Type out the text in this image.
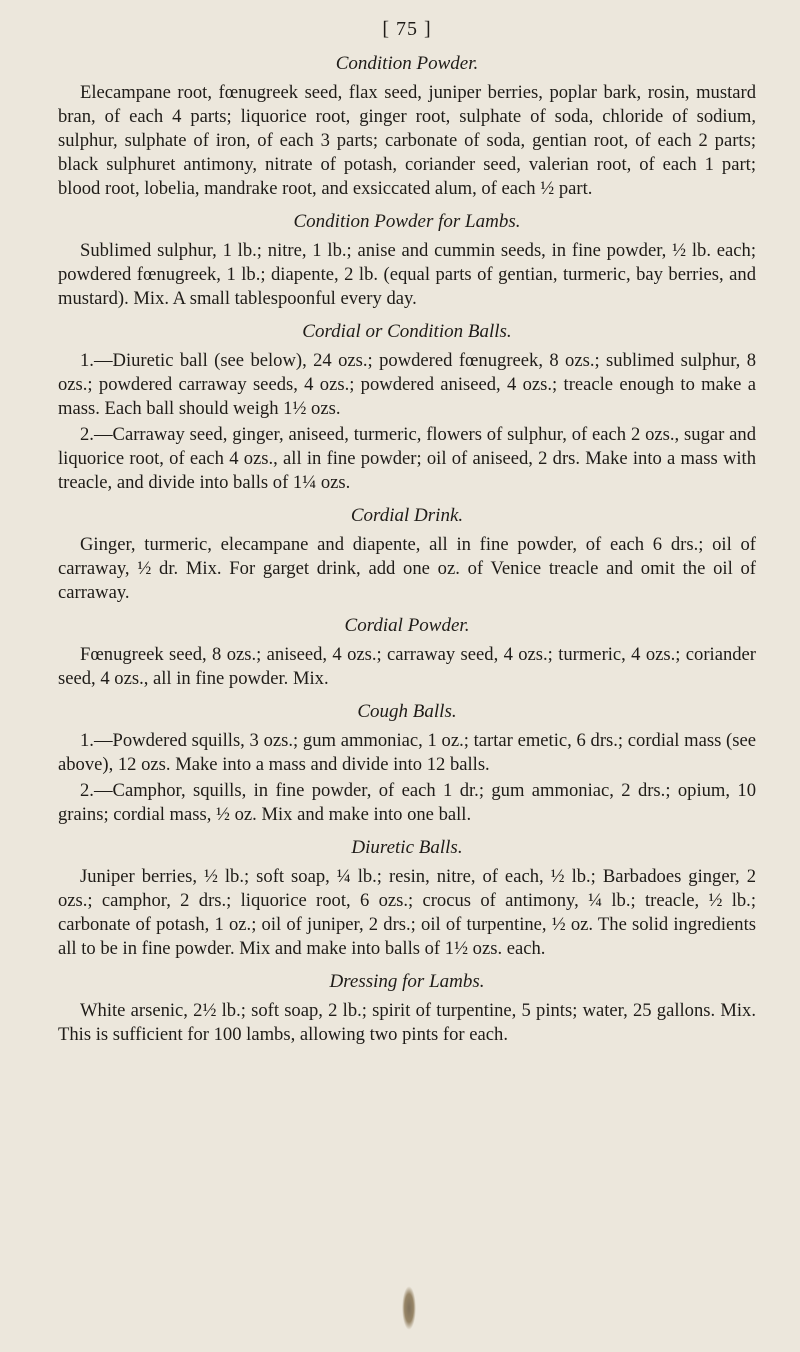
[ 75 ]
Condition Powder.

Elecampane root, fœnugreek seed, flax seed, juniper berries, poplar bark, rosin, mustard bran, of each 4 parts; liquorice root, ginger root, sulphate of soda, chloride of sodium, sulphur, sulphate of iron, of each 3 parts; carbonate of soda, gentian root, of each 2 parts; black sulphuret antimony, nitrate of potash, coriander seed, valerian root, of each 1 part; blood root, lobelia, mandrake root, and exsiccated alum, of each ½ part.

Condition Powder for Lambs.

Sublimed sulphur, 1 lb.; nitre, 1 lb.; anise and cummin seeds, in fine powder, ½ lb. each; powdered fœnugreek, 1 lb.; diapente, 2 lb. (equal parts of gentian, turmeric, bay berries, and mustard). Mix. A small tablespoonful every day.

Cordial or Condition Balls.

1.—Diuretic ball (see below), 24 ozs.; powdered fœnugreek, 8 ozs.; sublimed sulphur, 8 ozs.; powdered carraway seeds, 4 ozs.; powdered aniseed, 4 ozs.; treacle enough to make a mass. Each ball should weigh 1½ ozs.

2.—Carraway seed, ginger, aniseed, turmeric, flowers of sulphur, of each 2 ozs., sugar and liquorice root, of each 4 ozs., all in fine powder; oil of aniseed, 2 drs. Make into a mass with treacle, and divide into balls of 1¼ ozs.

Cordial Drink.

Ginger, turmeric, elecampane and diapente, all in fine powder, of each 6 drs.; oil of carraway, ½ dr. Mix. For garget drink, add one oz. of Venice treacle and omit the oil of carraway.

Cordial Powder.

Fœnugreek seed, 8 ozs.; aniseed, 4 ozs.; carraway seed, 4 ozs.; turmeric, 4 ozs.; coriander seed, 4 ozs., all in fine powder. Mix.

Cough Balls.

1.—Powdered squills, 3 ozs.; gum ammoniac, 1 oz.; tartar emetic, 6 drs.; cordial mass (see above), 12 ozs. Make into a mass and divide into 12 balls.

2.—Camphor, squills, in fine powder, of each 1 dr.; gum ammoniac, 2 drs.; opium, 10 grains; cordial mass, ½ oz. Mix and make into one ball.

Diuretic Balls.

Juniper berries, ½ lb.; soft soap, ¼ lb.; resin, nitre, of each, ½ lb.; Barbadoes ginger, 2 ozs.; camphor, 2 drs.; liquorice root, 6 ozs.; crocus of antimony, ¼ lb.; treacle, ½ lb.; carbonate of potash, 1 oz.; oil of juniper, 2 drs.; oil of turpentine, ½ oz. The solid ingredients all to be in fine powder. Mix and make into balls of 1½ ozs. each.

Dressing for Lambs.

White arsenic, 2½ lb.; soft soap, 2 lb.; spirit of turpentine, 5 pints; water, 25 gallons. Mix. This is sufficient for 100 lambs, allowing two pints for each.
